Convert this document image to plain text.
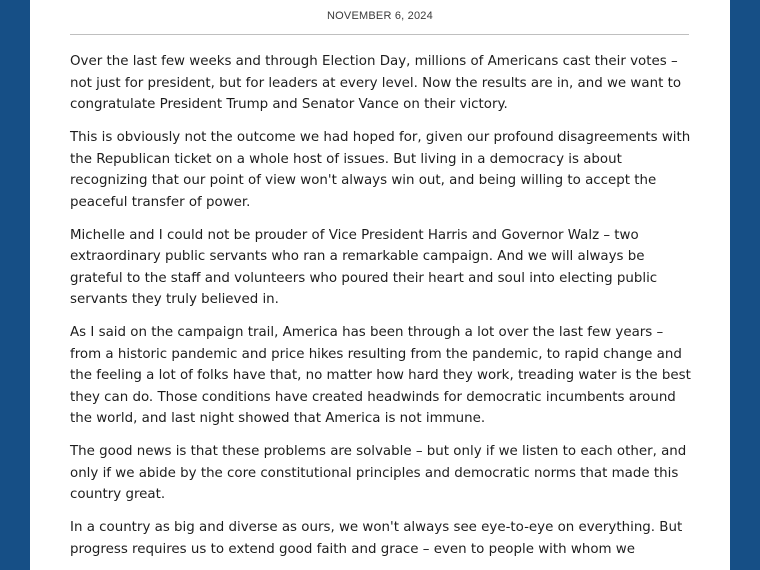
NOVEMBER 6, 2024

Over the last few weeks and through Election Day, millions of Americans cast their votes – not just for president, but for leaders at every level. Now the results are in, and we want to congratulate President Trump and Senator Vance on their victory.

This is obviously not the outcome we had hoped for, given our profound disagreements with the Republican ticket on a whole host of issues. But living in a democracy is about recognizing that our point of view won't always win out, and being willing to accept the peaceful transfer of power.

Michelle and I could not be prouder of Vice President Harris and Governor Walz – two extraordinary public servants who ran a remarkable campaign. And we will always be grateful to the staff and volunteers who poured their heart and soul into electing public servants they truly believed in.

As I said on the campaign trail, America has been through a lot over the last few years – from a historic pandemic and price hikes resulting from the pandemic, to rapid change and the feeling a lot of folks have that, no matter how hard they work, treading water is the best they can do. Those conditions have created headwinds for democratic incumbents around the world, and last night showed that America is not immune.

The good news is that these problems are solvable – but only if we listen to each other, and only if we abide by the core constitutional principles and democratic norms that made this country great.

In a country as big and diverse as ours, we won't always see eye-to-eye on everything. But progress requires us to extend good faith and grace – even to people with whom we
